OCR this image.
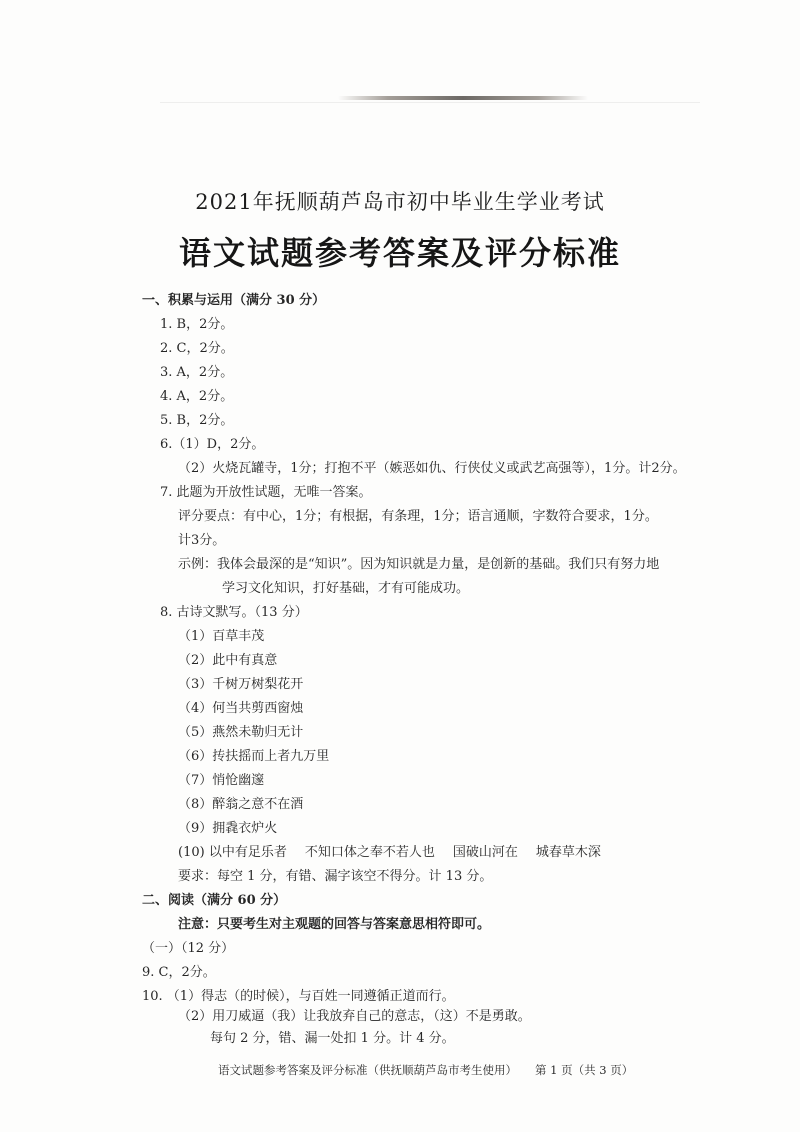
2021年抚顺葫芦岛市初中毕业生学业考试
语文试题参考答案及评分标准
一、积累与运用（满分 30 分）
1. B，2分。
2. C，2分。
3. A，2分。
4. A，2分。
5. B，2分。
6.（1）D，2分。
（2）火烧瓦罐寺，1分；打抱不平（嫉恶如仇、行侠仗义或武艺高强等），1分。计2分。
7. 此题为开放性试题，无唯一答案。
评分要点：有中心，1分；有根据，有条理，1分；语言通顺，字数符合要求，1分。
计3分。
示例：我体会最深的是“知识”。因为知识就是力量，是创新的基础。我们只有努力地
学习文化知识，打好基础，才有可能成功。
8. 古诗文默写。（13 分）
（1）百草丰茂
（2）此中有真意
（3）千树万树梨花开
（4）何当共剪西窗烛
（5）燕然未勒归无计
（6）抟扶摇而上者九万里
（7）悄怆幽邃
（8）醉翁之意不在酒
（9）拥毳衣炉火
(10) 以中有足乐者 不知口体之奉不若人也 国破山河在 城春草木深
要求：每空 1 分，有错、漏字该空不得分。计 13 分。
二、阅读（满分 60 分）
注意：只要考生对主观题的回答与答案意思相符即可。
（一）（12 分）
9. C，2分。
10. （1）得志（的时候），与百姓一同遵循正道而行。
（2）用刀威逼（我）让我放弃自己的意志，（这）不是勇敢。
每句 2 分，错、漏一处扣 1 分。计 4 分。
语文试题参考答案及评分标准（供抚顺葫芦岛市考生使用） 第 1 页（共 3 页）
